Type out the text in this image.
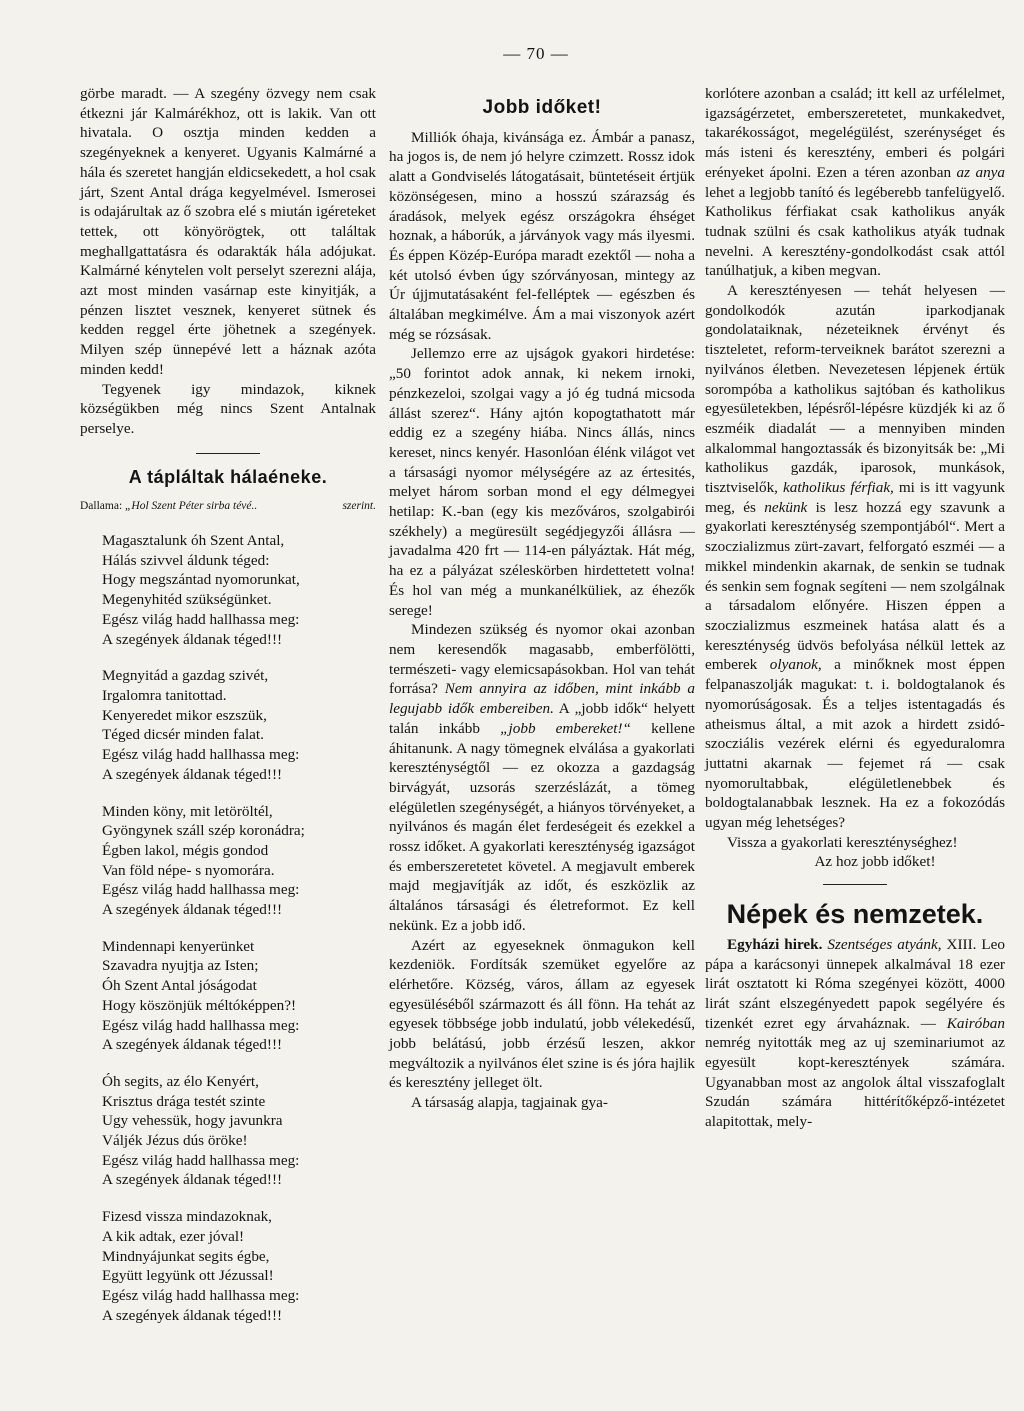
— 70 —

görbe maradt. — A szegény özvegy nem csak étkezni jár Kalmárékhoz, ott is lakik. Van ott hivatala. O osztja minden kedden a szegényeknek a kenyeret. Ugyanis Kalmárné a hála és szeretet hangján eldicsekedett, a hol csak járt, Szent Antal drága kegyelmével. Ismerosei is odajárultak az ő szobra elé s miután igéreteket tettek, ott könyörögtek, ott találtak meghallgattatásra és odarakták hála adójukat. Kalmárné kénytelen volt perselyt szerezni alája, azt most minden vasárnap este kinyitják, a pénzen lisztet vesznek, kenyeret sütnek és kedden reggel érte jöhetnek a szegények. Milyen szép ünnepévé lett a háznak azóta minden kedd!

Tegyenek igy mindazok, kiknek községükben még nincs Szent Antalnak perselye.

A tápláltak hálaéneke.
Dallama: „Hol Szent Péter sirba tévé..	szerint.

Magasztalunk óh Szent Antal,

Hálás szivvel áldunk téged:

Hogy megszántad nyomorunkat,

Megenyhitéd szükségünket.

Egész világ hadd hallhassa meg:

A szegények áldanak téged!!!

Megnyitád a gazdag szivét,

Irgalomra tanitottad.

Kenyeredet mikor eszszük,

Téged dicsér minden falat.

Egész világ hadd hallhassa meg:

A szegények áldanak téged!!!

Minden köny, mit letöröltél,

Gyöngynek száll szép koronádra;

Égben lakol, mégis gondod

Van föld népe- s nyomorára.

Egész világ hadd hallhassa meg:

A szegények áldanak téged!!!

Mindennapi kenyerünket

Szavadra nyujtja az Isten;

Óh Szent Antal jóságodat

Hogy köszönjük méltóképpen?!

Egész világ hadd hallhassa meg:

A szegények áldanak téged!!!

Óh segits, az élo Kenyért,

Krisztus drága testét szinte

Ugy vehessük, hogy javunkra

Váljék Jézus dús öröke!

Egész világ hadd hallhassa meg:

A szegények áldanak téged!!!

Fizesd vissza mindazoknak,

A kik adtak, ezer jóval!

Mindnyájunkat segits égbe,

Együtt legyünk ott Jézussal!

Egész világ hadd hallhassa meg:

A szegények áldanak téged!!!

Jobb időket!

Milliók óhaja, kivánsága ez. Ámbár a panasz, ha jogos is, de nem jó helyre czimzett. Rossz idok alatt a Gondviselés látogatásait, büntetéseit értjük közönségesen, mino a hosszú szárazság és áradások, melyek egész országokra éhséget hoznak, a háborúk, a járványok vagy más ilyesmi. És éppen Közép-Európa maradt ezektől — noha a két utolsó évben úgy szórványosan, mintegy az Úr újjmutatásaként fel-felléptek — egészben és általában megkimélve. Ám a mai viszonyok azért még se rózsásak.

Jellemzo erre az ujságok gyakori hirdetése: „50 forintot adok annak, ki nekem irnoki, pénzkezeloi, szolgai vagy a jó ég tudná micsoda állást szerez“. Hány ajtón kopogtathatott már eddig ez a szegény hiába. Nincs állás, nincs kereset, nincs kenyér. Hasonlóan élénk világot vet a társasági nyomor mélységére az az értesités, melyet három sorban mond el egy délmegyei hetilap: K.-ban (egy kis mezőváros, szolgabirói székhely) a megüresült segédjegyzői állásra — javadalma 420 frt — 114-en pályáztak. Hát még, ha ez a pályázat széleskörben hirdettetett volna! És hol van még a munkanélküliek, az éhezők serege!

Mindezen szükség és nyomor okai azonban nem keresendők magasabb, emberfölötti, természeti- vagy elemicsapásokban. Hol van tehát forrása? Nem annyira az időben, mint inkább a legujabb idők embereiben. A „jobb idők“ helyett talán inkább „jobb embereket!“ kellene áhitanunk. A nagy tömegnek elválása a gyakorlati kereszténységtől — ez okozza a gazdagság birvágyát, uzsorás szerzéslázát, a tömeg elégületlen szegénységét, a hiányos törvényeket, a nyilvános és magán élet ferdeségeit és ezekkel a rossz időket. A gyakorlati kereszténység igazságot és emberszeretetet követel. A megjavult emberek majd megjavítják az időt, és eszközlik az általános társasági és életreformot. Ez kell nekünk. Ez a jobb idő.

Azért az egyeseknek önmagukon kell kezdeniök. Fordítsák szemüket egyelőre az elérhetőre. Község, város, állam az egyesek egyesüléséből származott és áll fönn. Ha tehát az egyesek többsége jobb indulatú, jobb vélekedésű, jobb belátású, jobb érzésű leszen, akkor megváltozik a nyilvános élet szine is és jóra hajlik és keresztény jelleget ölt.

A társaság alapja, tagjainak gya-

korlótere azonban a család; itt kell az urfélelmet, igazságérzetet, emberszeretetet, munkakedvet, takarékosságot, megelégülést, szerénységet és más isteni és keresztény, emberi és polgári erényeket ápolni. Ezen a téren azonban az anya lehet a legjobb tanító és legéberebb tanfelügyelő. Katholikus férfiakat csak katholikus anyák tudnak szülni és csak katholikus atyák tudnak nevelni. A keresztény-gondolkodást csak attól tanúlhatjuk, a kiben megvan.

A keresztényesen — tehát helyesen — gondolkodók azután iparkodjanak gondolataiknak, nézeteiknek érvényt és tiszteletet, reform-terveiknek barátot szerezni a nyilvános életben. Nevezetesen lépjenek értük sorompóba a katholikus sajtóban és katholikus egyesületekben, lépésről-lépésre küzdjék ki az ő eszméik diadalát — a mennyiben minden alkalommal hangoztassák és bizonyitsák be: „Mi katholikus gazdák, iparosok, munkások, tisztviselők, katholikus férfiak, mi is itt vagyunk meg, és nekünk is lesz hozzá egy szavunk a gyakorlati kereszténység szempontjából“. Mert a szoczializmus zürt-zavart, felforgató eszméi — a mikkel mindenkin akarnak, de senkin se tudnak és senkin sem fognak segíteni — nem szolgálnak a társadalom előnyére. Hiszen éppen a szoczializmus eszmeinek hatása alatt és a kereszténység üdvös befolyása nélkül lettek az emberek olyanok, a minőknek most éppen felpanaszolják magukat: t. i. boldogtalanok és nyomorúságosak. És a teljes istentagadás és atheismus által, a mit azok a hirdett zsidó-szocziális vezérek elérni és egyeduralomra juttatni akarnak — fejemet rá — csak nyomorultabbak, elégületlenebbek és boldogtalanabbak lesznek. Ha ez a fokozódás ugyan még lehetséges?

Vissza a gyakorlati kereszténységhez!

Az hoz jobb időket!

Népek és nemzetek.

Egyházi hirek. Szentséges atyánk, XIII. Leo pápa a karácsonyi ünnepek alkalmával 18 ezer lirát osztatott ki Róma szegényei között, 4000 lirát szánt elszegényedett papok segélyére és tizenkét ezret egy árvaháznak. — Kairóban nemrég nyitották meg az uj szeminariumot az egyesült kopt-keresztények számára. Ugyanabban most az angolok által visszafoglalt Szudán számára hittérítőképző-intézetet alapitottak, mely-
